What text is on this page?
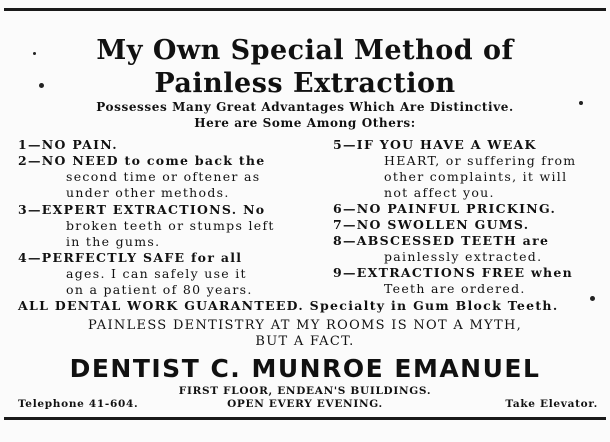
My Own Special Method of
Painless Extraction

Possesses Many Great Advantages Which Are Distinctive.

Here are Some Among Others:

1—NO PAIN.

2—NO NEED to come back the

second time or oftener as

under other methods.

3—EXPERT EXTRACTIONS. No

broken teeth or stumps left

in the gums.

4—PERFECTLY SAFE for all

ages. I can safely use it

on a patient of 80 years.

5—IF YOU HAVE A WEAK

HEART, or suffering from

other complaints, it will

not affect you.

6—NO PAINFUL PRICKING.

7—NO SWOLLEN GUMS.

8—ABSCESSED TEETH are

painlessly extracted.

9—EXTRACTIONS FREE when

Teeth are ordered.

ALL DENTAL WORK GUARANTEED. Specialty in Gum Block Teeth.

PAINLESS DENTISTRY AT MY ROOMS IS NOT A MYTH,

BUT A FACT.

DENTIST C. MUNROE EMANUEL

FIRST FLOOR, ENDEAN'S BUILDINGS.

Telephone 41-604.	OPEN EVERY EVENING.	Take Elevator.
